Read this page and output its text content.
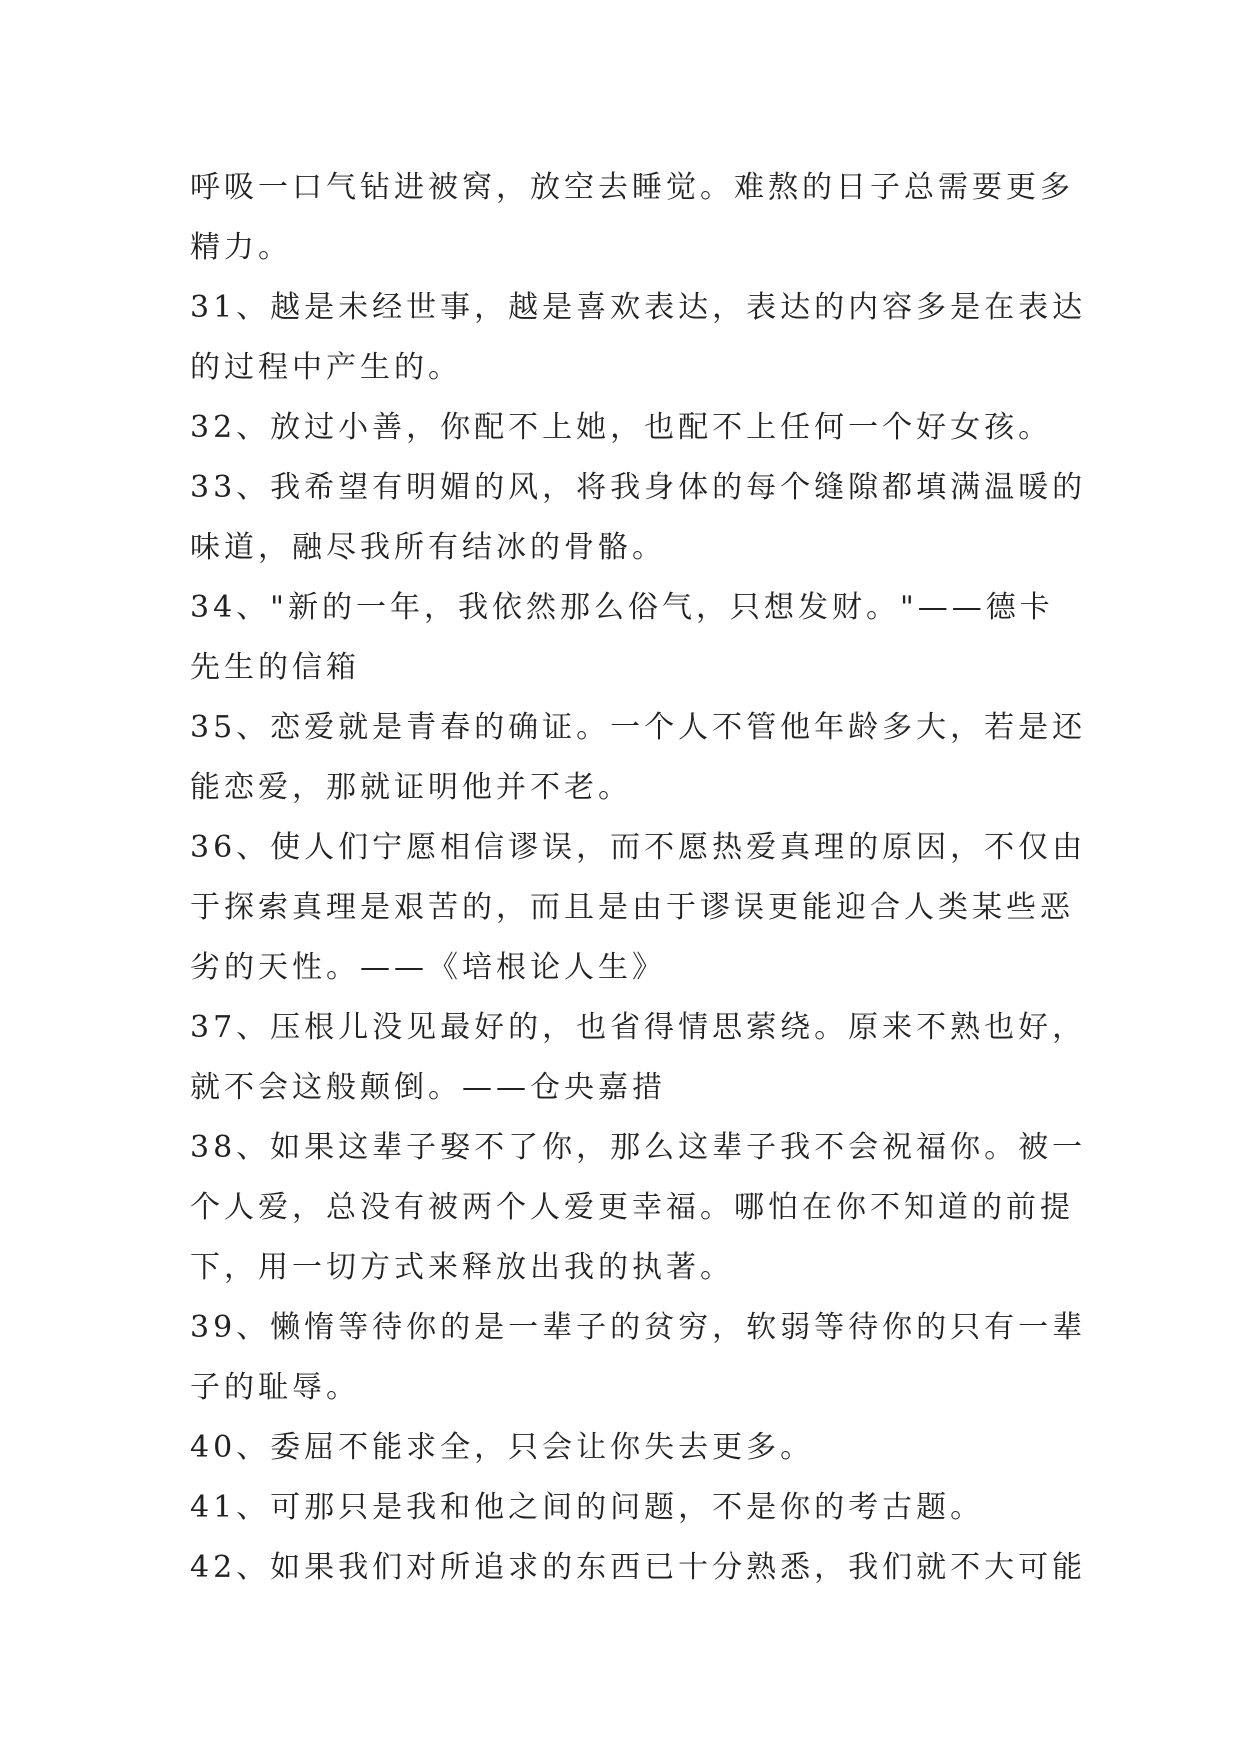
呼吸一口气钻进被窝，放空去睡觉。难熬的日子总需要更多
精力。
31、越是未经世事，越是喜欢表达，表达的内容多是在表达
的过程中产生的。
32、放过小善，你配不上她，也配不上任何一个好女孩。
33、我希望有明媚的风，将我身体的每个缝隙都填满温暖的
味道，融尽我所有结冰的骨骼。
34、"新的一年，我依然那么俗气，只想发财。"——德卡
先生的信箱
35、恋爱就是青春的确证。一个人不管他年龄多大，若是还
能恋爱，那就证明他并不老。
36、使人们宁愿相信谬误，而不愿热爱真理的原因，不仅由
于探索真理是艰苦的，而且是由于谬误更能迎合人类某些恶
劣的天性。——《培根论人生》
37、压根儿没见最好的，也省得情思萦绕。原来不熟也好，
就不会这般颠倒。——仓央嘉措
38、如果这辈子娶不了你，那么这辈子我不会祝福你。被一
个人爱，总没有被两个人爱更幸福。哪怕在你不知道的前提
下，用一切方式来释放出我的执著。
39、懒惰等待你的是一辈子的贫穷，软弱等待你的只有一辈
子的耻辱。
40、委屈不能求全，只会让你失去更多。
41、可那只是我和他之间的问题，不是你的考古题。
42、如果我们对所追求的东西已十分熟悉，我们就不大可能
